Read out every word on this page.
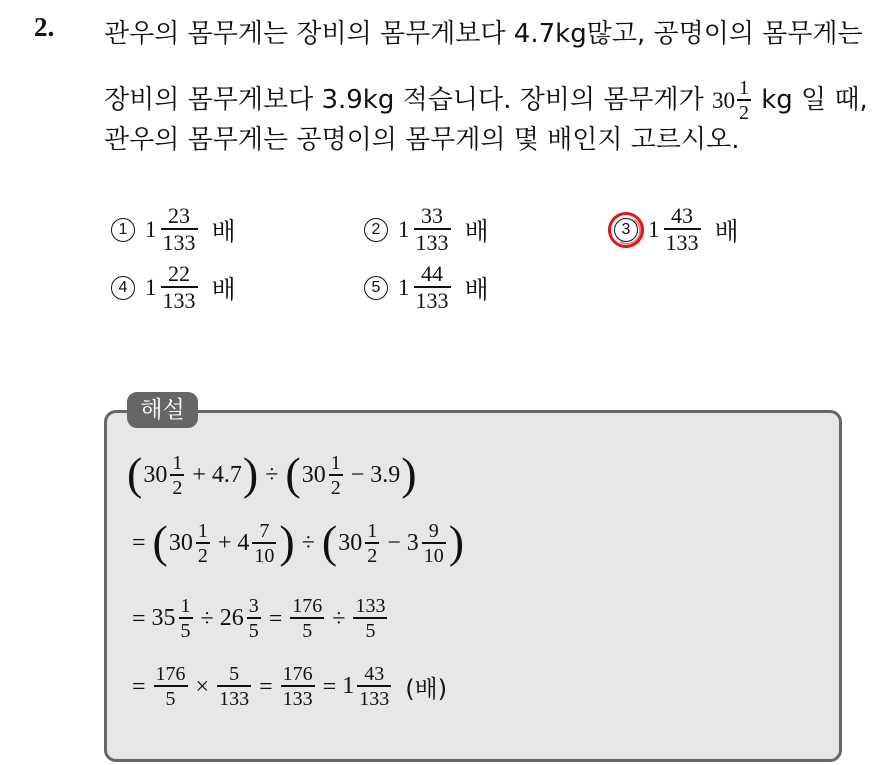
2. 관우의 몸무게는 장비의 몸무게보다 4.7kg많고, 공명이의 몸무게는
장비의 몸무게보다 3.9kg 적습니다. 장비의 몸무게가 $30 \frac{1}{2}$ kg 일 때,
관우의 몸무게는 공명이의 몸무게의 몇 배인지 고르시오.
1 $1 \frac{23}{133}$ 배	2 $1 \frac{33}{133}$ 배	3 $1 \frac{43}{133}$ 배
4 $1 \frac{22}{133}$ 배	5 $1 \frac{44}{133}$ 배
해설
( $30 \frac{1}{2} + 4.7$ ) ÷ ( $30 \frac{1}{2} - 3.9$ )
= ( $30 \frac{1}{2} + 4 \frac{7}{10}$ ) ÷ ( $30 \frac{1}{2} - 3 \frac{9}{10}$ )
= $35 \frac{1}{5} \div 26 \frac{3}{5} = \frac{176}{5} \div \frac{133}{5}$
= $\frac{176}{5} \times \frac{5}{133} = \frac{176}{133} = 1 \frac{43}{133}$ (배)
